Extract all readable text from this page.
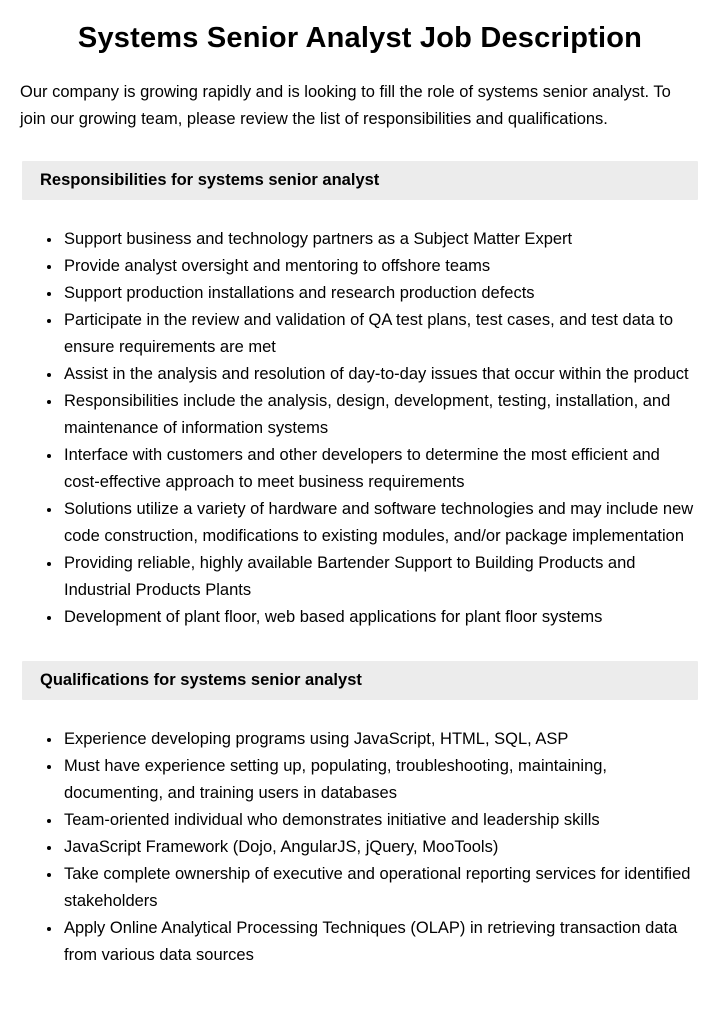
Systems Senior Analyst Job Description

Our company is growing rapidly and is looking to fill the role of systems senior analyst. To join our growing team, please review the list of responsibilities and qualifications.

Responsibilities for systems senior analyst
• Support business and technology partners as a Subject Matter Expert
• Provide analyst oversight and mentoring to offshore teams
• Support production installations and research production defects
• Participate in the review and validation of QA test plans, test cases, and test data to ensure requirements are met
• Assist in the analysis and resolution of day-to-day issues that occur within the product
• Responsibilities include the analysis, design, development, testing, installation, and maintenance of information systems
• Interface with customers and other developers to determine the most efficient and cost-effective approach to meet business requirements
• Solutions utilize a variety of hardware and software technologies and may include new code construction, modifications to existing modules, and/or package implementation
• Providing reliable, highly available Bartender Support to Building Products and Industrial Products Plants
• Development of plant floor, web based applications for plant floor systems
Qualifications for systems senior analyst
• Experience developing programs using JavaScript, HTML, SQL, ASP
• Must have experience setting up, populating, troubleshooting, maintaining, documenting, and training users in databases
• Team-oriented individual who demonstrates initiative and leadership skills
• JavaScript Framework (Dojo, AngularJS, jQuery, MooTools)
• Take complete ownership of executive and operational reporting services for identified stakeholders
• Apply Online Analytical Processing Techniques (OLAP) in retrieving transaction data from various data sources
